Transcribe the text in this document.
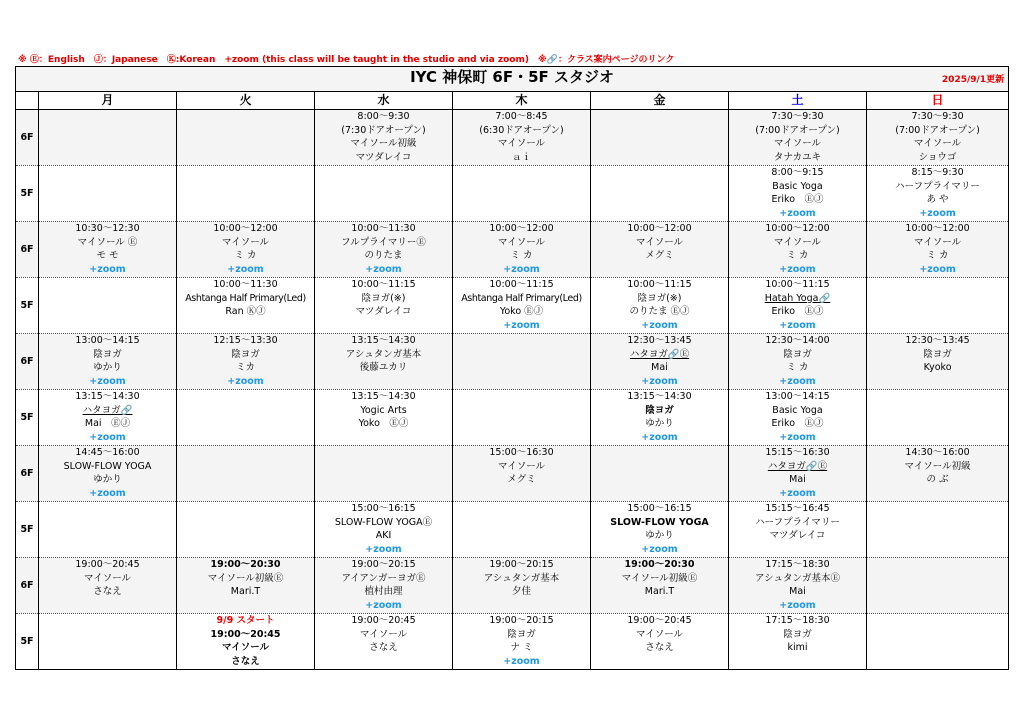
※ Ⓔ：English　Ⓙ：Japanese　Ⓚ:Korean　+zoom (this class will be taught in the studio and via zoom)　※🔗：クラス案内ページのリンク
IYC 神保町 6F・5F スタジオ 2025/9/1更新							

	月	火	水	木	金	土	日
6F			8:00～9:30
(7:30ドアオープン)
マイソール初級
マツダレイコ	7:00～8:45
(6:30ドアオープン)
マイソール
ａｉ		7:30～9:30
(7:00ドアオープン)
マイソール
タナカユキ	7:30～9:30
(7:00ドアオープン)
マイソール
ショウゴ

5F						8:00～9:15
Basic Yoga
Eriko　ⒺⒿ
+zoom	8:15～9:30
ハーフプライマリー
あ や
+zoom

6F	10:30～12:30
マイソール Ⓔ
モ モ
+zoom	10:00～12:00
マイソール
ミ カ
+zoom	10:00～11:30
フルプライマリーⒺ
のりたま
+zoom	10:00～12:00
マイソール
ミ カ
+zoom	10:00～12:00
マイソール
メグミ	10:00～12:00
マイソール
ミ カ
+zoom	10:00～12:00
マイソール
ミ カ
+zoom

5F		10:00～11:30
Ashtanga Half Primary(Led)
Ran ⓀⒿ	10:00～11:15
陰ヨガ(※)
マツダレイコ	10:00～11:15
Ashtanga Half Primary(Led)
Yoko ⒺⒿ
+zoom	10:00～11:15
陰ヨガ(※)
のりたま ⒺⒿ
+zoom	10:00～11:15
Hatah Yoga🔗
Eriko　ⒺⒿ
+zoom	

6F	13:00～14:15
陰ヨガ
ゆかり
+zoom	12:15～13:30
陰ヨガ
ミカ
+zoom	13:15～14:30
アシュタンガ基本
後藤ユカリ		12:30～13:45
ハタヨガ🔗Ⓔ
Mai
+zoom	12:30～14:00
陰ヨガ
ミ カ
+zoom	12:30～13:45
陰ヨガ
Kyoko

5F	13:15～14:30
ハタヨガ🔗
Mai　ⒺⒿ
+zoom		13:15～14:30
Yogic Arts
Yoko　ⒺⒿ		13:15～14:30
陰ヨガ
ゆかり
+zoom	13:00～14:15
Basic Yoga
Eriko　ⒺⒿ
+zoom	

6F	14:45～16:00
SLOW-FLOW YOGA
ゆかり
+zoom			15:00～16:30
マイソール
メグミ		15:15～16:30
ハタヨガ🔗Ⓔ
Mai
+zoom	14:30～16:00
マイソール初級
の ぶ

5F			15:00～16:15
SLOW-FLOW YOGAⒺ
AKI
+zoom		15:00～16:15
SLOW-FLOW YOGA
ゆかり
+zoom	15:15～16:45
ハーフプライマリー
マツダレイコ	

6F	19:00～20:45
マイソール
さなえ	19:00～20:30
マイソール初級Ⓔ
Mari.T	19:00～20:15
アイアンガーヨガⒺ
植村由理
+zoom	19:00～20:15
アシュタンガ基本
夕佳	19:00～20:30
マイソール初級Ⓔ
Mari.T	17:15～18:30
アシュタンガ基本Ⓔ
Mai
+zoom	

5F		9/9 スタート
19:00～20:45
マイソール
さなえ	19:00～20:45
マイソール
さなえ	19:00～20:15
陰ヨガ
ナ ミ
+zoom	19:00～20:45
マイソール
さなえ	17:15～18:30
陰ヨガ
kimi	
